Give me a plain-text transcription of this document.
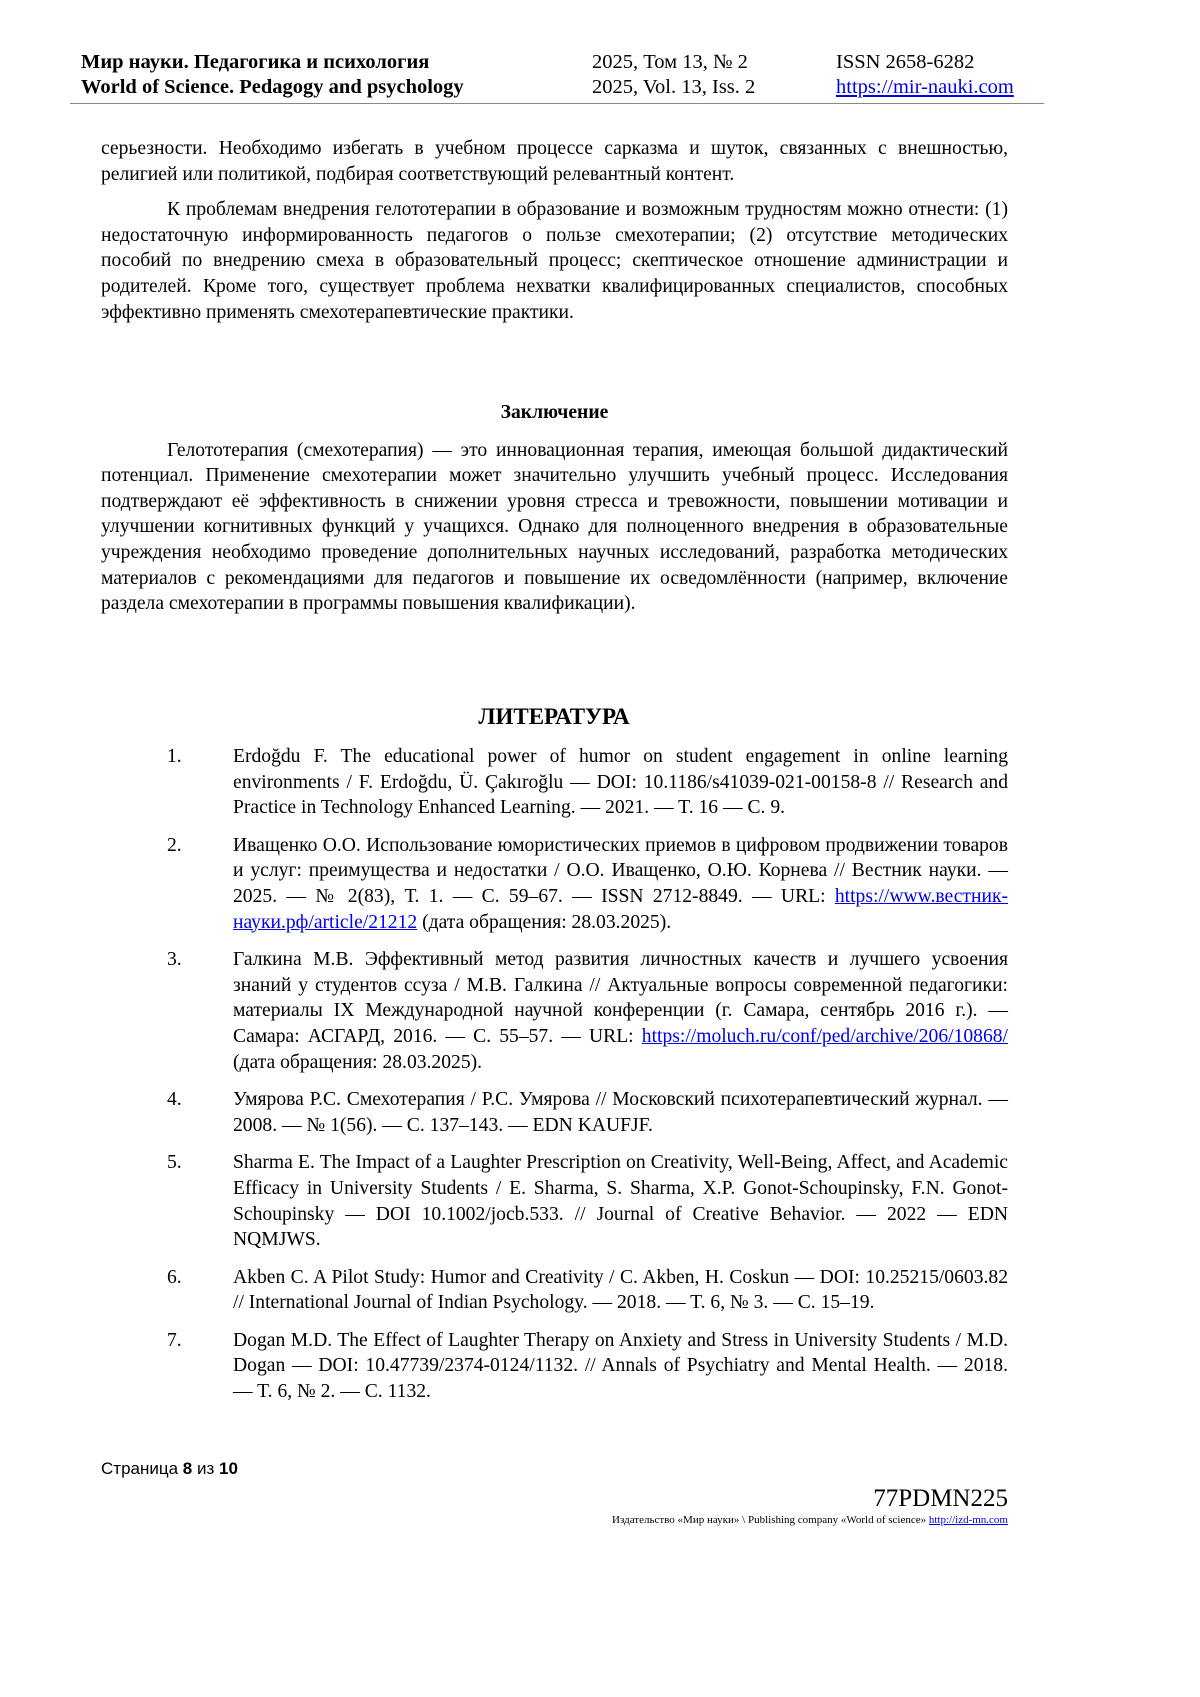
Мир науки. Педагогика и психология
World of Science. Pedagogy and psychology
2025, Том 13, № 2
2025, Vol. 13, Iss. 2
ISSN 2658-6282
https://mir-nauki.com

серьезности. Необходимо избегать в учебном процессе сарказма и шуток, связанных с внешностью, религией или политикой, подбирая соответствующий релевантный контент.

К проблемам внедрения гелототерапии в образование и возможным трудностям можно отнести: (1) недостаточную информированность педагогов о пользе смехотерапии; (2) отсутствие методических пособий по внедрению смеха в образовательный процесс; скептическое отношение администрации и родителей. Кроме того, существует проблема нехватки квалифицированных специалистов, способных эффективно применять смехотерапевтические практики.

Заключение

Гелототерапия (смехотерапия) — это инновационная терапия, имеющая большой дидактический потенциал. Применение смехотерапии может значительно улучшить учебный процесс. Исследования подтверждают её эффективность в снижении уровня стресса и тревожности, повышении мотивации и улучшении когнитивных функций у учащихся. Однако для полноценного внедрения в образовательные учреждения необходимо проведение дополнительных научных исследований, разработка методических материалов с рекомендациями для педагогов и повышение их осведомлённости (например, включение раздела смехотерапии в программы повышения квалификации).

ЛИТЕРАТУРА
1.	Erdoğdu F. The educational power of humor on student engagement in online learning environments / F. Erdoğdu, Ü. Çakıroğlu — DOI: 10.1186/s41039-021-00158-8 // Research and Practice in Technology Enhanced Learning. — 2021. — T. 16 — C. 9.
2.	Иващенко О.О. Использование юмористических приемов в цифровом продвижении товаров и услуг: преимущества и недостатки / О.О. Иващенко, О.Ю. Корнева // Вестник науки. — 2025. — № 2(83), Т. 1. — С. 59–67. — ISSN 2712-8849. — URL: https://www.вестник-науки.рф/article/21212 (дата обращения: 28.03.2025).
3.	Галкина М.В. Эффективный метод развития личностных качеств и лучшего усвоения знаний у студентов ссуза / М.В. Галкина // Актуальные вопросы современной педагогики: материалы IX Международной научной конференции (г. Самара, сентябрь 2016 г.). — Самара: АСГАРД, 2016. — С. 55–57. — URL: https://moluch.ru/conf/ped/archive/206/10868/ (дата обращения: 28.03.2025).
4.	Умярова Р.С. Смехотерапия / Р.С. Умярова // Московский психотерапевтический журнал. — 2008. — № 1(56). — С. 137–143. — EDN KAUFJF.
5.	Sharma E. The Impact of a Laughter Prescription on Creativity, Well-Being, Affect, and Academic Efficacy in University Students / E. Sharma, S. Sharma, X.P. Gonot-Schoupinsky, F.N. Gonot-Schoupinsky — DOI 10.1002/jocb.533. // Journal of Creative Behavior. — 2022 — EDN NQMJWS.
6.	Akben C. A Pilot Study: Humor and Creativity / C. Akben, H. Coskun — DOI: 10.25215/0603.82 // International Journal of Indian Psychology. — 2018. — T. 6, № 3. — C. 15–19.
7.	Dogan M.D. The Effect of Laughter Therapy on Anxiety and Stress in University Students / M.D. Dogan — DOI: 10.47739/2374-0124/1132. // Annals of Psychiatry and Mental Health. — 2018. — T. 6, № 2. — C. 1132.
Страница 8 из 10
77PDMN225
Издательство «Мир науки» \ Publishing company «World of science» http://izd-mn.com
